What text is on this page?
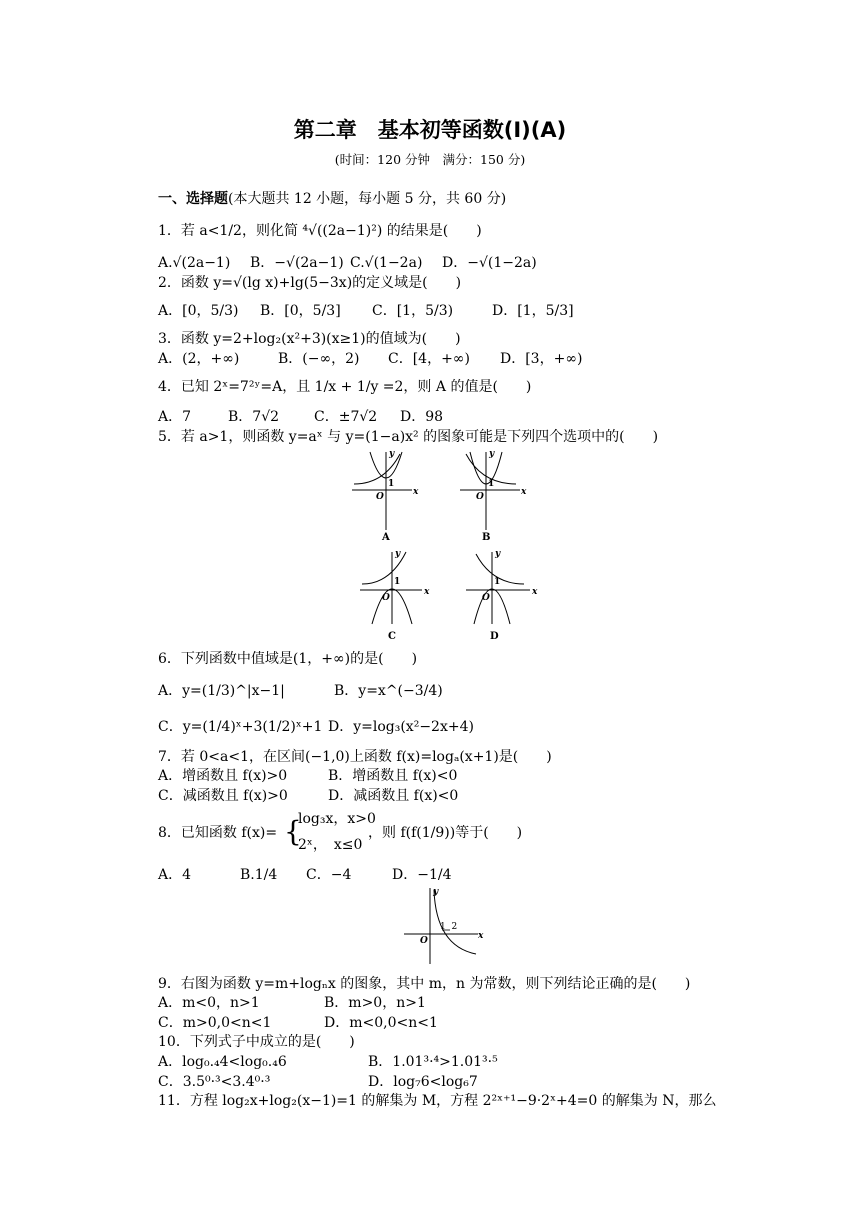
第二章　基本初等函数(Ⅰ)(A)
(时间：120 分钟　满分：150 分)
一、选择题(本大题共 12 小题，每小题 5 分，共 60 分)
1．若 a<1/2，则化简 ⁴√((2a−1)²) 的结果是(　　)
A.√(2a−1) B．−√(2a−1) C.√(1−2a) D．−√(1−2a)
2．函数 y=√(lg x)+lg(5−3x)的定义域是(　　)
A．[0，5/3) B．[0，5/3] C．[1，5/3)	D．[1，5/3]
3．函数 y=2+log₂(x²+3)(x≥1)的值域为(　　)
A．(2，+∞)	B．(−∞，2) C．[4，+∞) D．[3，+∞)
4．已知 2ˣ=7²ʸ=A，且 1/x + 1/y =2，则 A 的值是(　　)
A．7	B．7√2 C．±7√2 D．98
5．若 a>1，则函数 y=aˣ 与 y=(1−a)x² 的图象可能是下列四个选项中的(　　)
y
x
O
1
y
x
O
1
y
x
O
1
y
x
O
1
A	B
C	D
6．下列函数中值域是(1，+∞)的是(　　)
A．y=(1/3)^|x−1|	B．y=x^(−3/4)
C．y=(1/4)ˣ+3(1/2)ˣ+1 D．y=log₃(x²−2x+4)
7．若 0<a<1，在区间(−1,0)上函数 f(x)=logₐ(x+1)是(　　)
A．增函数且 f(x)>0	B．增函数且 f(x)<0
C．减函数且 f(x)>0	D．减函数且 f(x)<0
8．已知函数 f(x)= {
log₃x，x>0
2ˣ，　x≤0
，则 f(f(1/9))等于(　　)
A．4	B.1/4 C．−4	D．−1/4
y
x
O
1  2
9．右图为函数 y=m+logₙx 的图象，其中 m，n 为常数，则下列结论正确的是(　　)
A．m<0，n>1	B．m>0，n>1
C．m>0,0<n<1	D．m<0,0<n<1
10．下列式子中成立的是(　　)
A．log₀.₄4<log₀.₄6	B．1.01³·⁴>1.01³·⁵
C．3.5⁰·³<3.4⁰·³	D．log₇6<log₆7
11．方程 log₂x+log₂(x−1)=1 的解集为 M，方程 2²ˣ⁺¹−9·2ˣ+4=0 的解集为 N，那么
